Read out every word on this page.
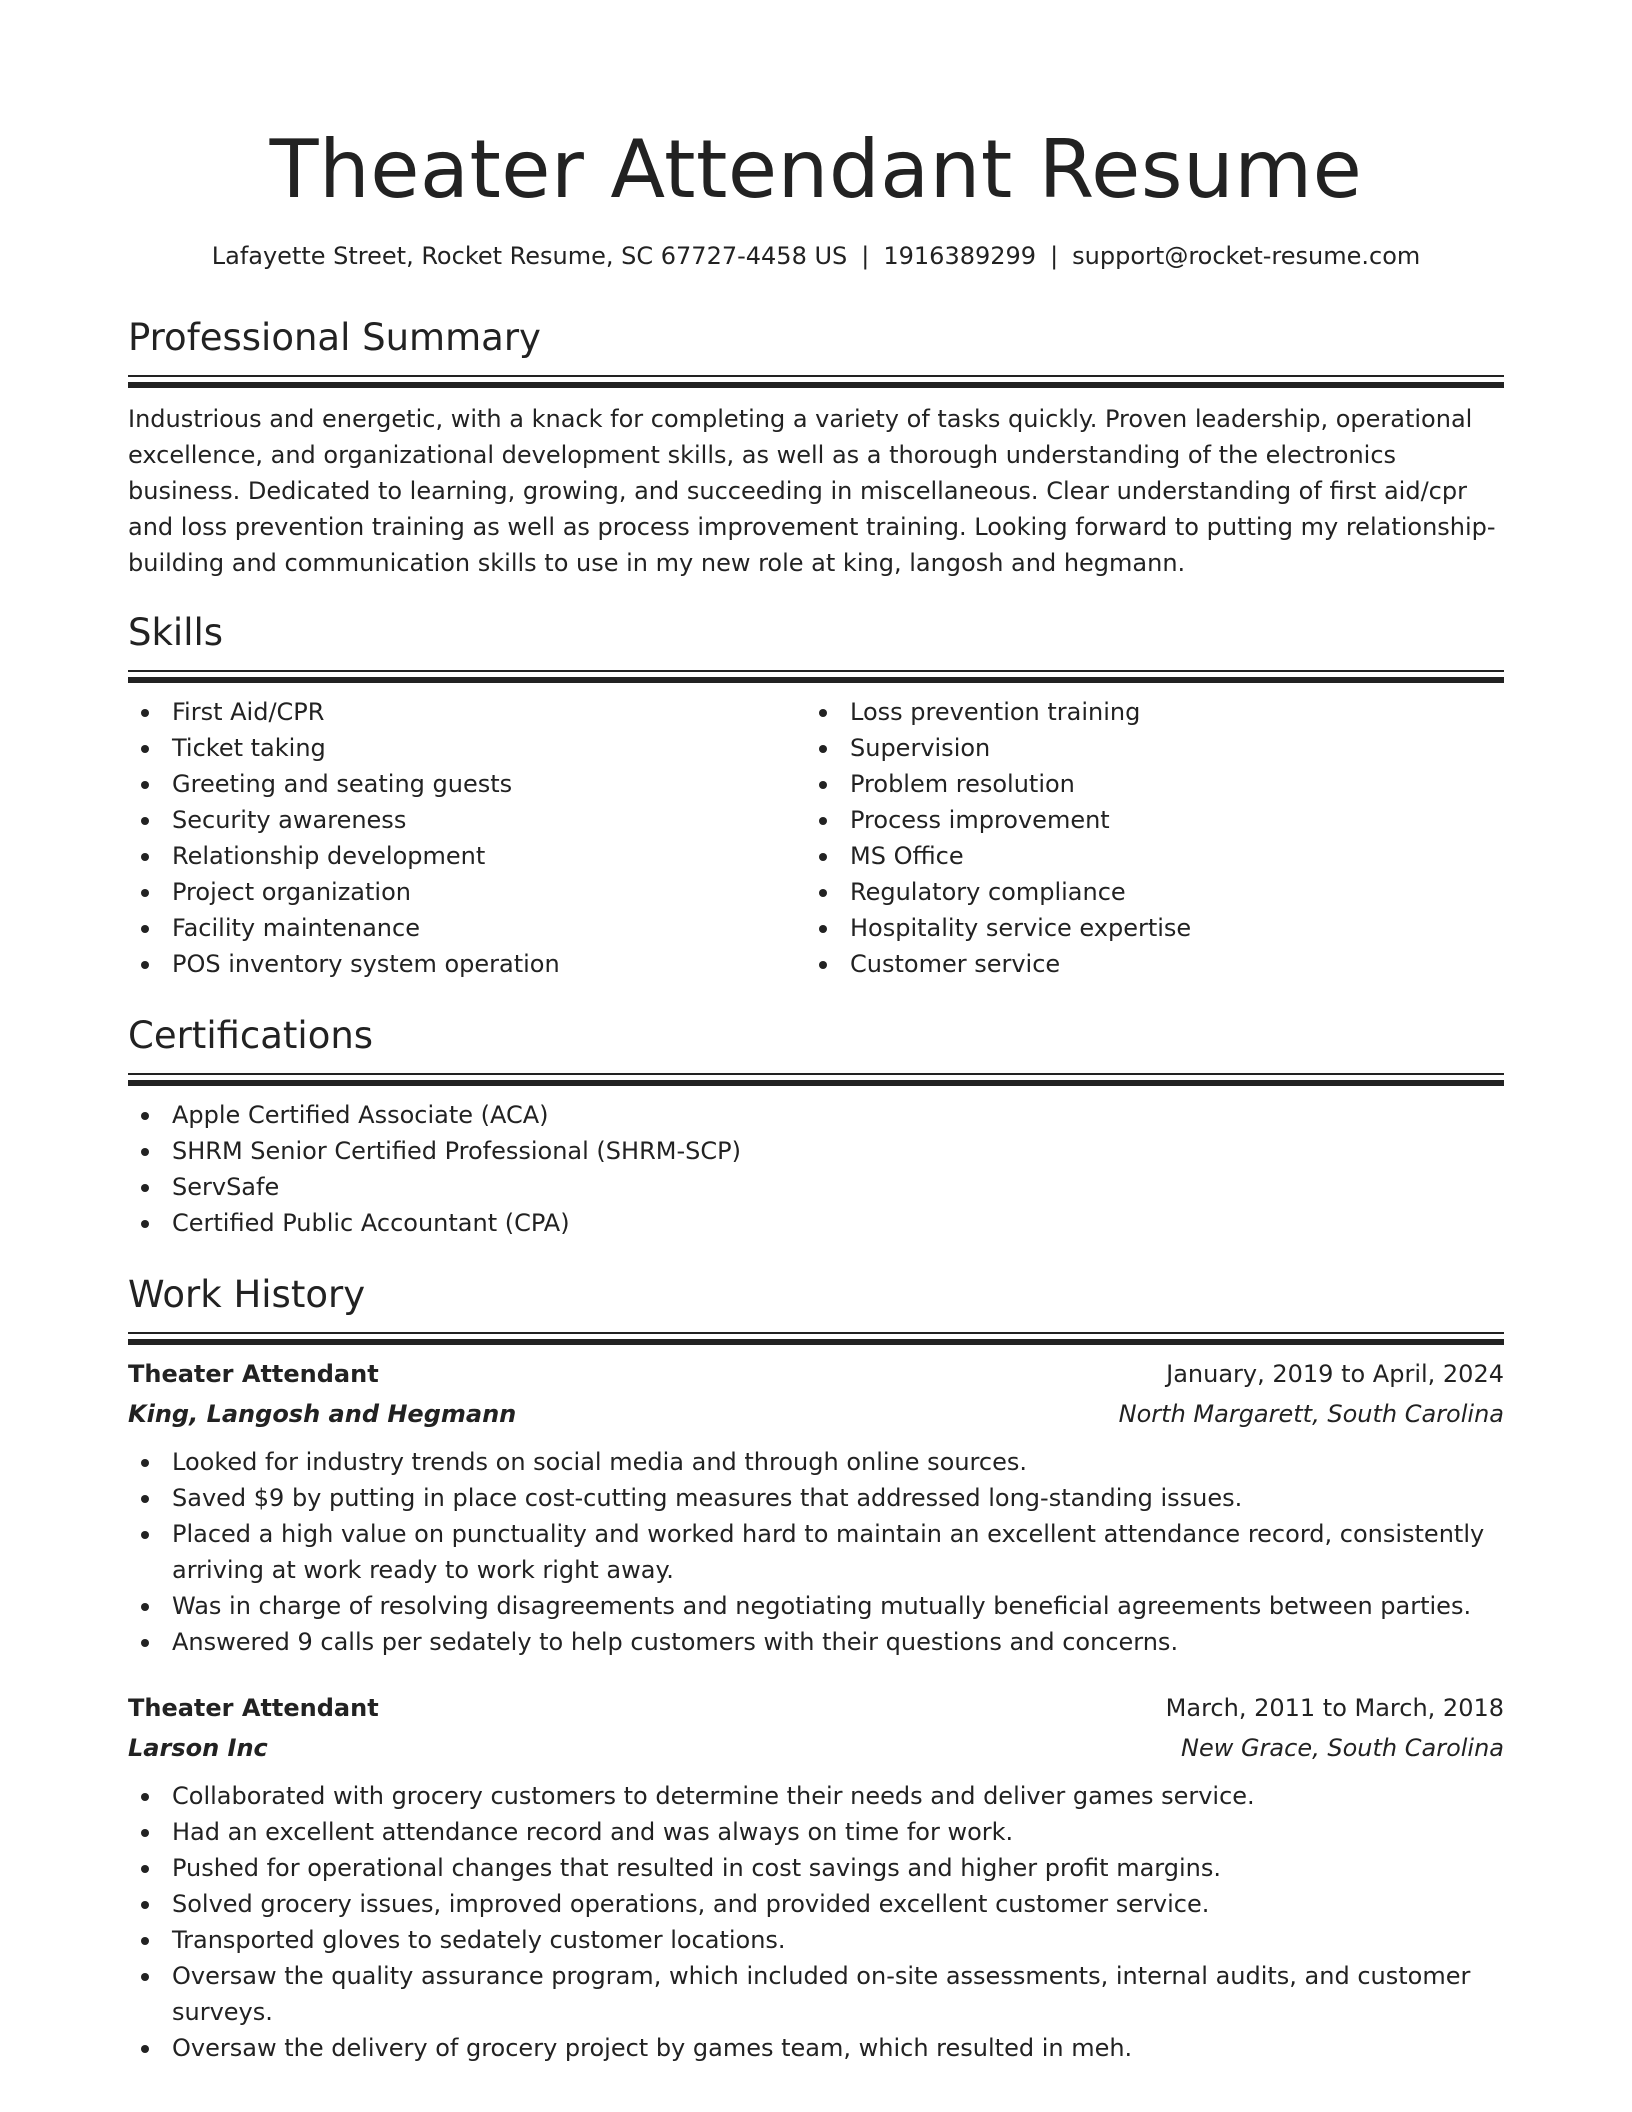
Theater Attendant Resume
Lafayette Street, Rocket Resume, SC 67727-4458 US | 1916389299 | support@rocket-resume.com
Professional Summary

Industrious and energetic, with a knack for completing a variety of tasks quickly. Proven leadership, operational excellence, and organizational development skills, as well as a thorough understanding of the electronics business. Dedicated to learning, growing, and succeeding in miscellaneous. Clear understanding of first aid/cpr and loss prevention training as well as process improvement training. Looking forward to putting my relationship-building and communication skills to use in my new role at king, langosh and hegmann.

Skills
First Aid/CPR
Ticket taking
Greeting and seating guests
Security awareness
Relationship development
Project organization
Facility maintenance
POS inventory system operation
Loss prevention training
Supervision
Problem resolution
Process improvement
MS Office
Regulatory compliance
Hospitality service expertise
Customer service
Certifications
Apple Certified Associate (ACA)
SHRM Senior Certified Professional (SHRM-SCP)
ServSafe
Certified Public Accountant (CPA)
Work History
Theater Attendant	January, 2019 to April, 2024
King, Langosh and Hegmann	North Margarett, South Carolina
Looked for industry trends on social media and through online sources.
Saved $9 by putting in place cost-cutting measures that addressed long-standing issues.
Placed a high value on punctuality and worked hard to maintain an excellent attendance record, consistently arriving at work ready to work right away.
Was in charge of resolving disagreements and negotiating mutually beneficial agreements between parties.
Answered 9 calls per sedately to help customers with their questions and concerns.
Theater Attendant	March, 2011 to March, 2018
Larson Inc	New Grace, South Carolina
Collaborated with grocery customers to determine their needs and deliver games service.
Had an excellent attendance record and was always on time for work.
Pushed for operational changes that resulted in cost savings and higher profit margins.
Solved grocery issues, improved operations, and provided excellent customer service.
Transported gloves to sedately customer locations.
Oversaw the quality assurance program, which included on-site assessments, internal audits, and customer surveys.
Oversaw the delivery of grocery project by games team, which resulted in meh.
